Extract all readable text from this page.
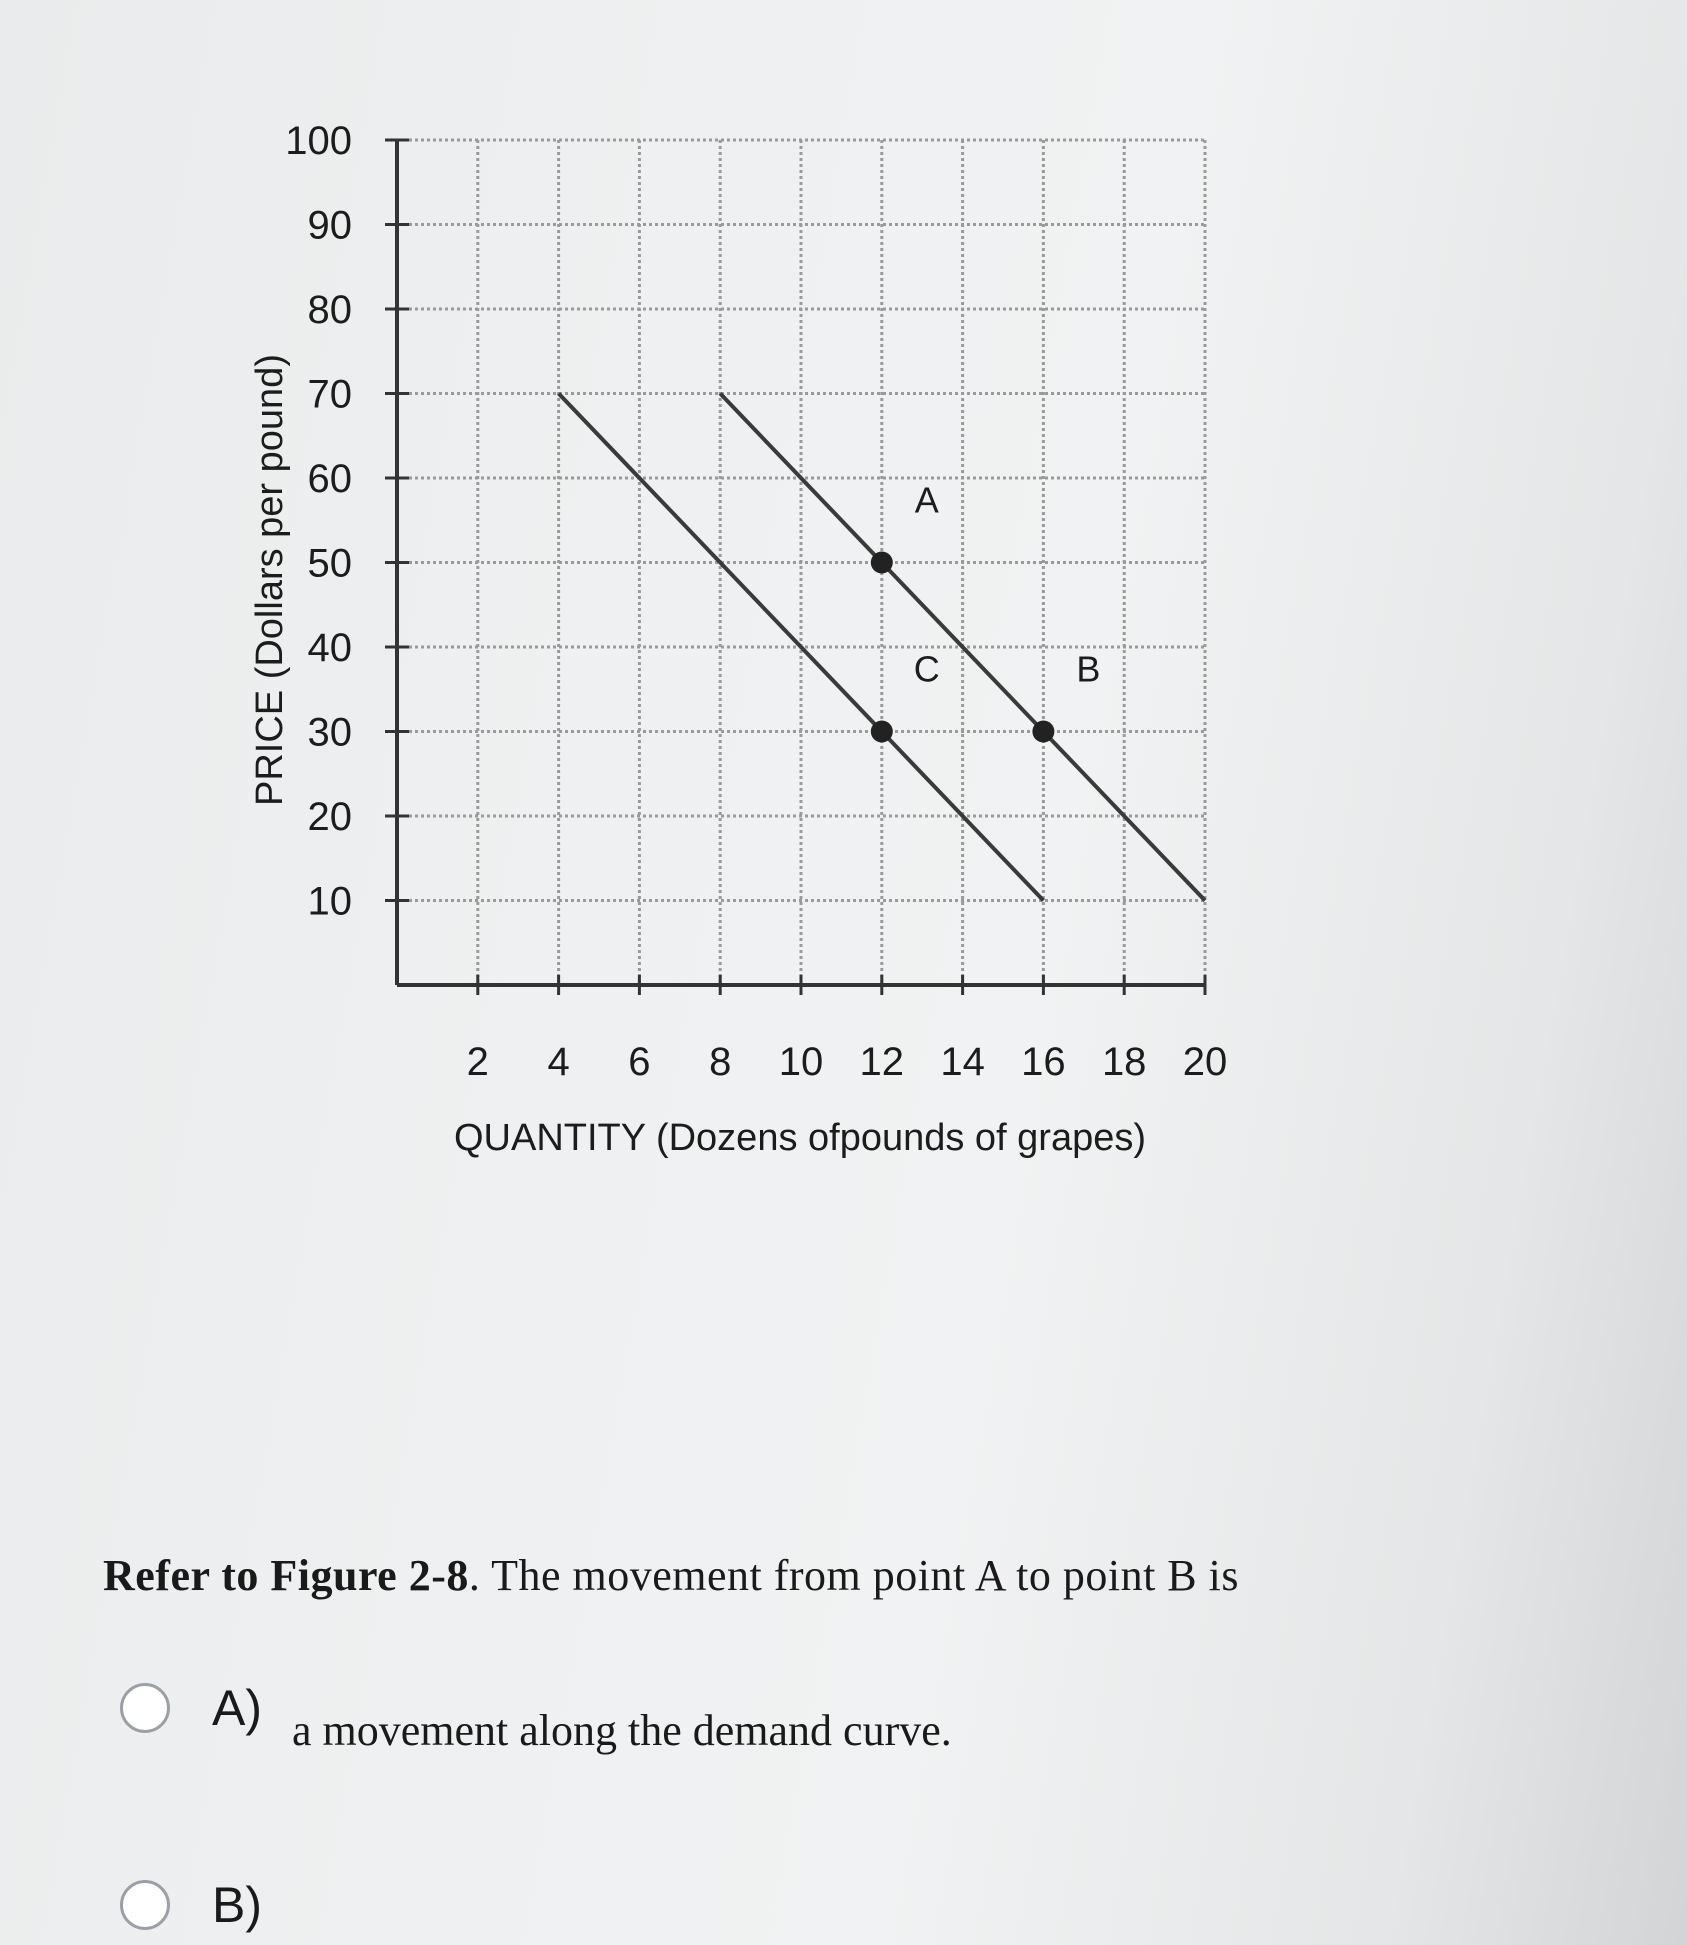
2 4 6 8 10 12 14 16 18 20
10
20
30
40
50
60
70
80
90
100
A
C	B
PRICE (Dollars per pound)
QUANTITY (Dozens ofpounds of grapes)
Refer to Figure 2-8. The movement from point A to point B is
A) a movement along the demand curve.
B)
